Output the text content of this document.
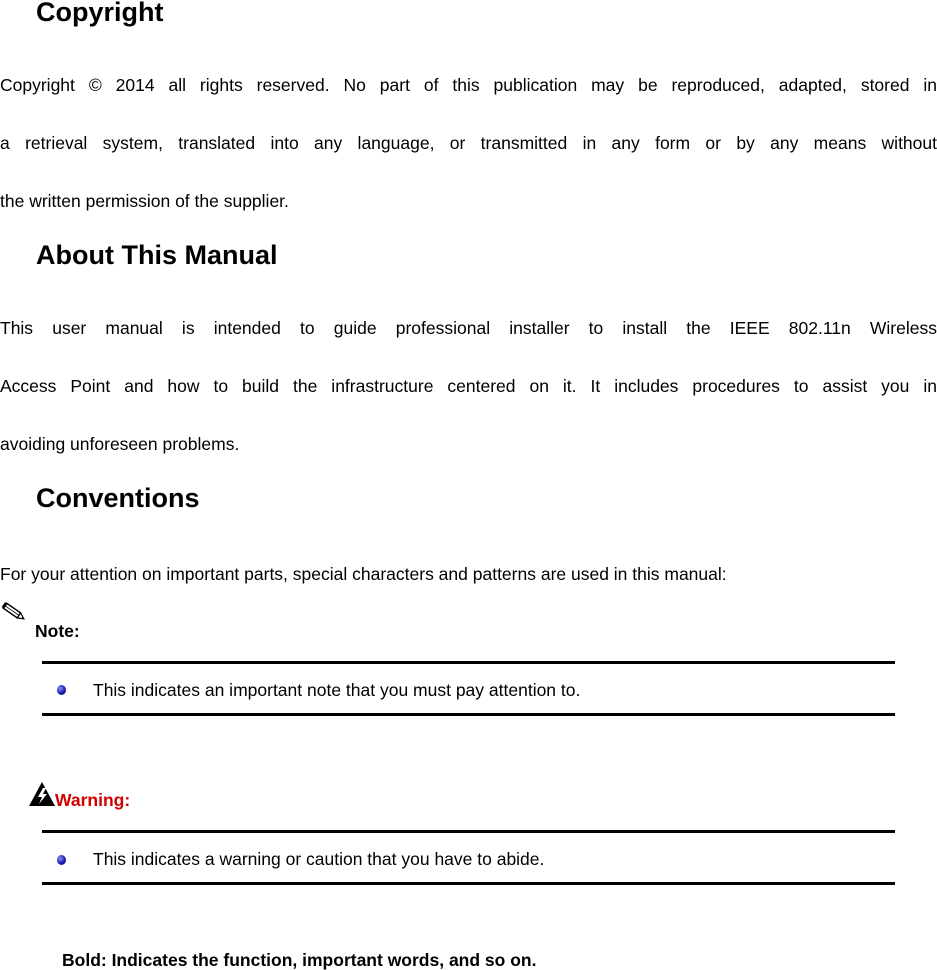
Copyright
Copyright © 2014 all rights reserved. No part of this publication may be reproduced, adapted, stored in
a retrieval system, translated into any language, or transmitted in any form or by any means without
the written permission of the supplier.
About This Manual
This user manual is intended to guide professional installer to install the IEEE 802.11n Wireless
Access Point and how to build the infrastructure centered on it. It includes procedures to assist you in
avoiding unforeseen problems.
Conventions
For your attention on important parts, special characters and patterns are used in this manual:
Note:
This indicates an important note that you must pay attention to.
Warning:
This indicates a warning or caution that you have to abide.
Bold: Indicates the function, important words, and so on.
